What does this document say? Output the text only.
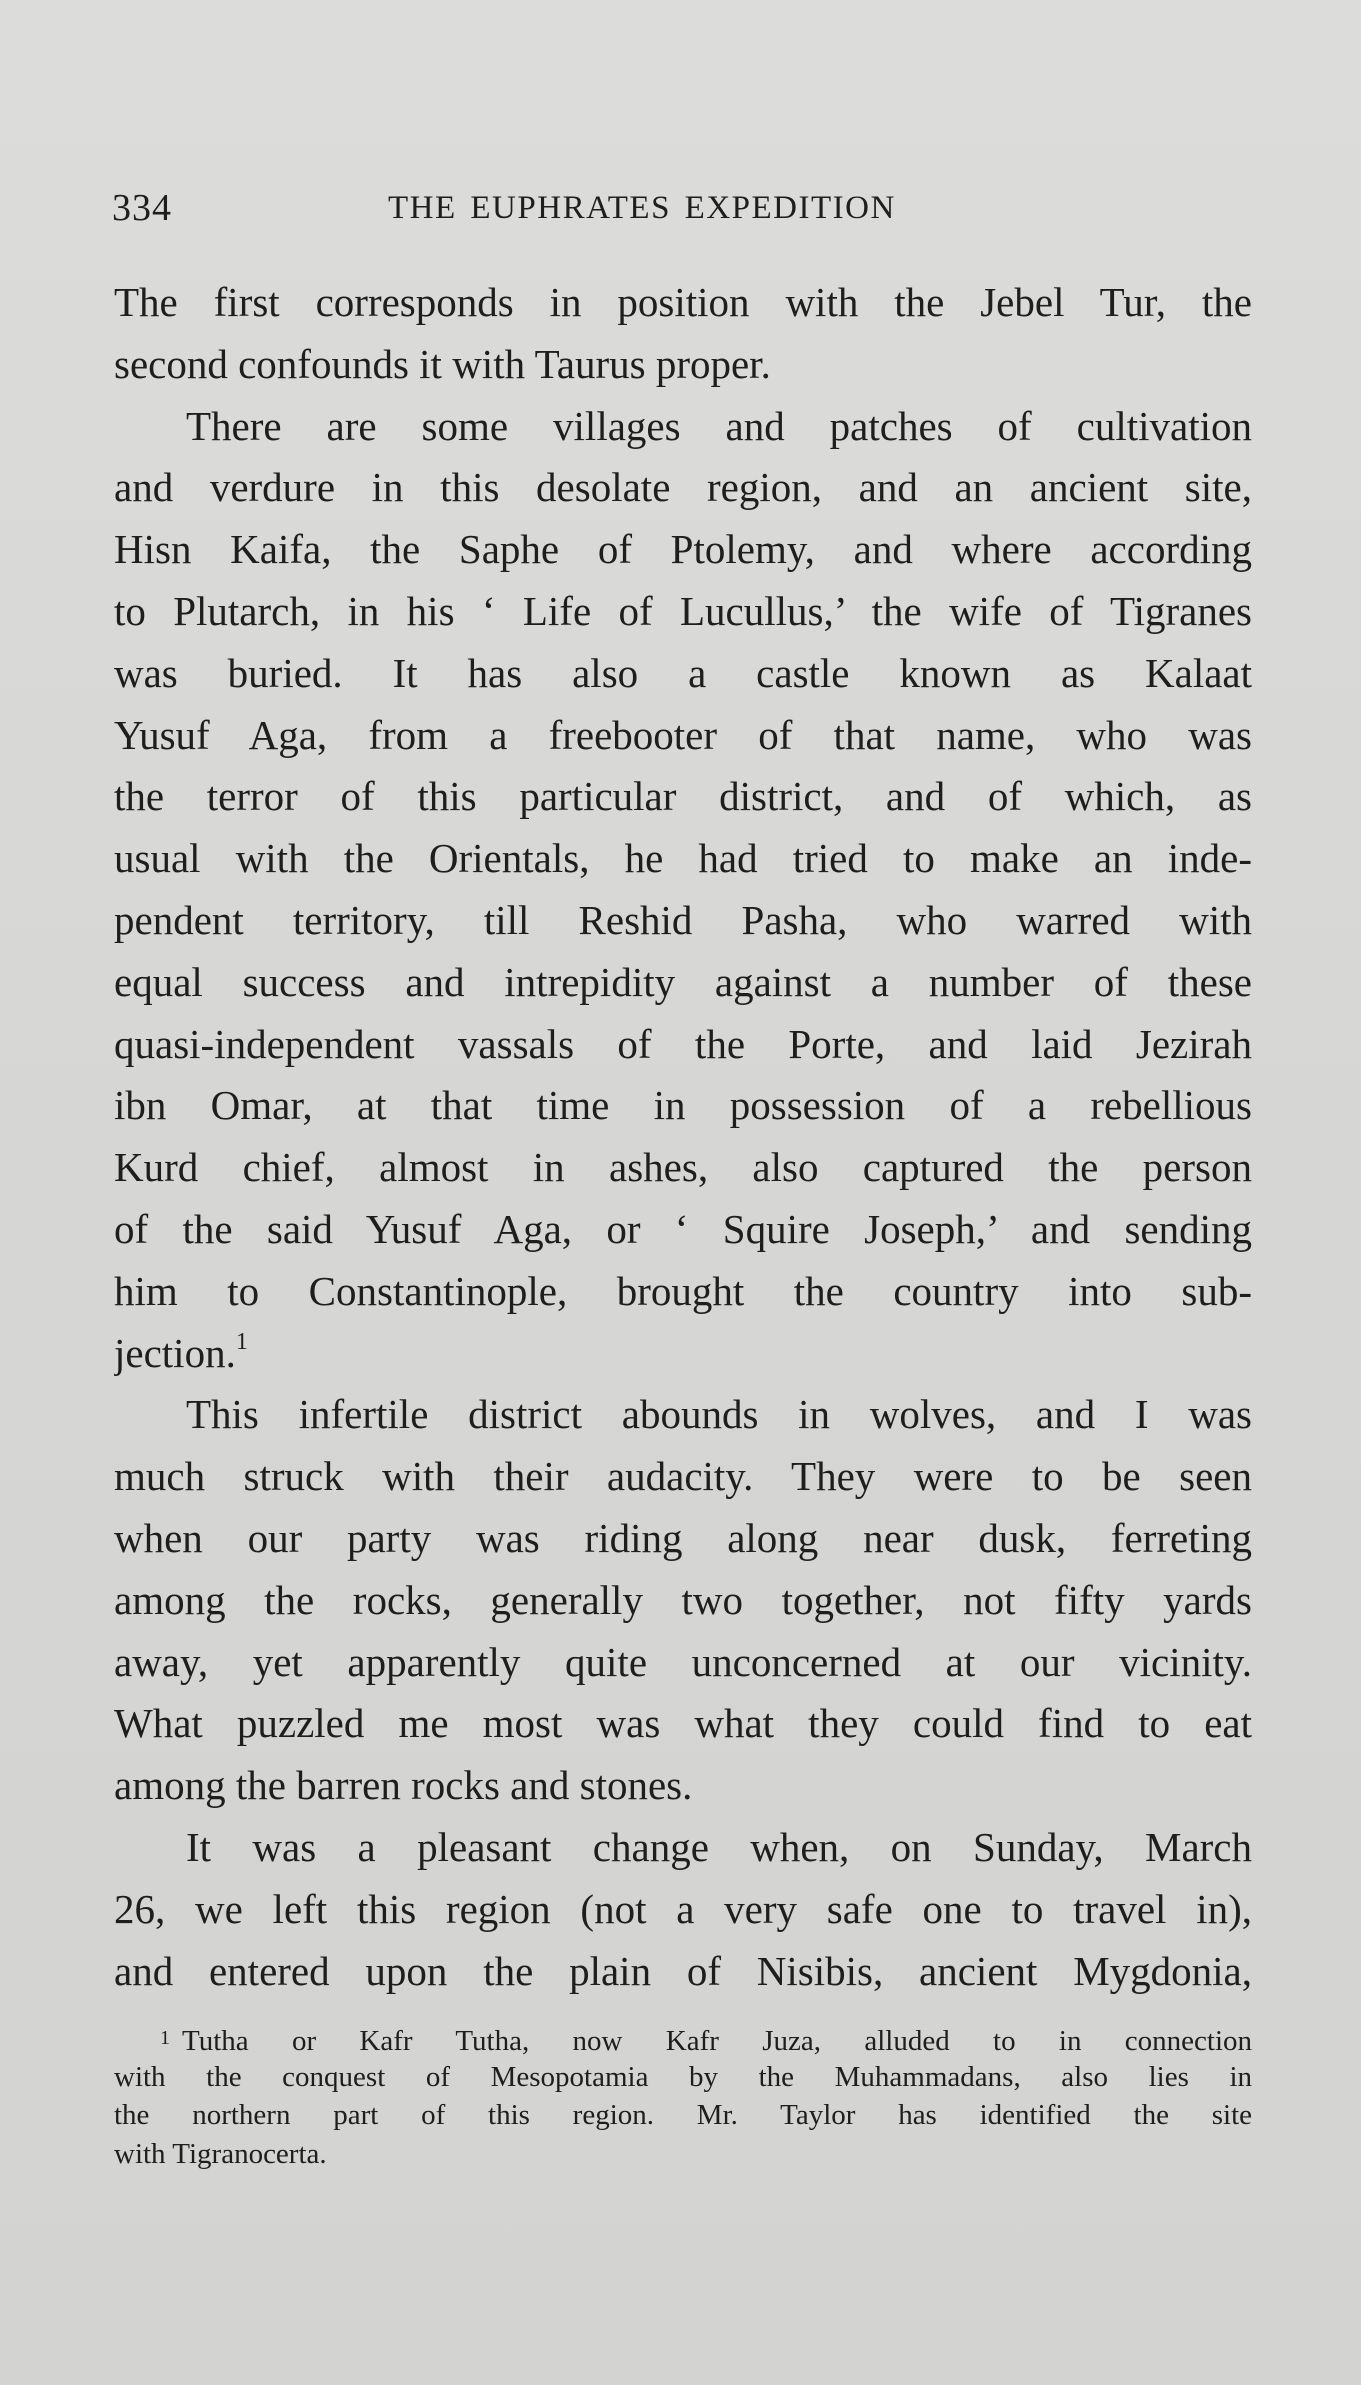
334	THE EUPHRATES EXPEDITION
The first corresponds in position with the Jebel Tur, the
second confounds it with Taurus proper.
There are some villages and patches of cultivation
and verdure in this desolate region, and an ancient site,
Hisn Kaifa, the Saphe of Ptolemy, and where according
to Plutarch, in his ‘ Life of Lucullus,’ the wife of Tigranes
was buried. It has also a castle known as Kalaat
Yusuf Aga, from a freebooter of that name, who was
the terror of this particular district, and of which, as
usual with the Orientals, he had tried to make an inde-
pendent territory, till Reshid Pasha, who warred with
equal success and intrepidity against a number of these
quasi-independent vassals of the Porte, and laid Jezirah
ibn Omar, at that time in possession of a rebellious
Kurd chief, almost in ashes, also captured the person
of the said Yusuf Aga, or ‘ Squire Joseph,’ and sending
him to Constantinople, brought the country into sub-
jection.$^1$
This infertile district abounds in wolves, and I was
much struck with their audacity. They were to be seen
when our party was riding along near dusk, ferreting
among the rocks, generally two together, not fifty yards
away, yet apparently quite unconcerned at our vicinity.
What puzzled me most was what they could find to eat
among the barren rocks and stones.
It was a pleasant change when, on Sunday, March
26, we left this region (not a very safe one to travel in),
and entered upon the plain of Nisibis, ancient Mygdonia,
$^1$ Tutha or Kafr Tutha, now Kafr Juza, alluded to in connection
with the conquest of Mesopotamia by the Muhammadans, also lies in
the northern part of this region. Mr. Taylor has identified the site
with Tigranocerta.
